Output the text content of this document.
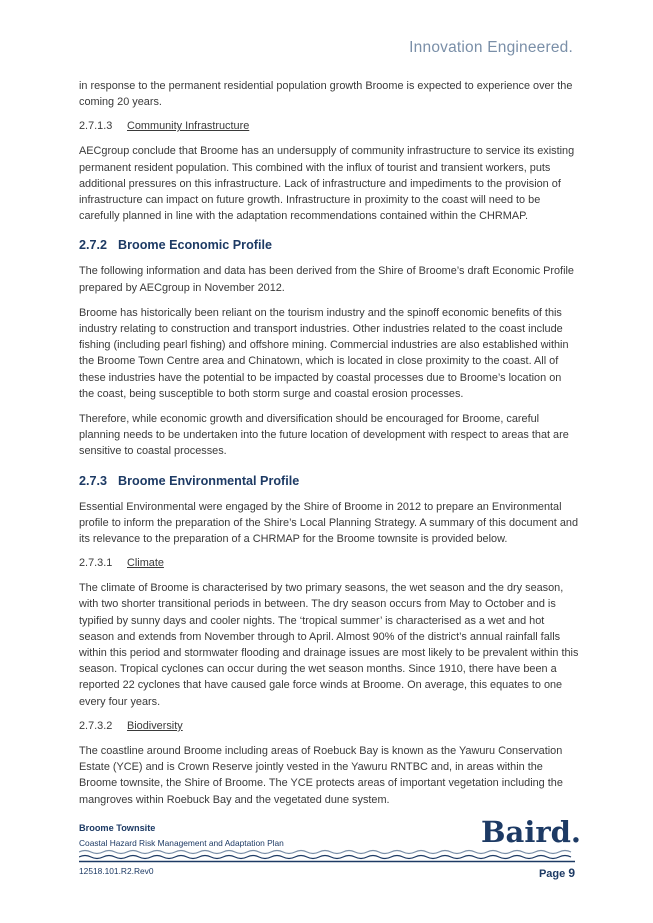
Innovation Engineered.

in response to the permanent residential population growth Broome is expected to experience over the coming 20 years.

2.7.1.3 Community Infrastructure

AECgroup conclude that Broome has an undersupply of community infrastructure to service its existing permanent resident population. This combined with the influx of tourist and transient workers, puts additional pressures on this infrastructure. Lack of infrastructure and impediments to the provision of infrastructure can impact on future growth. Infrastructure in proximity to the coast will need to be carefully planned in line with the adaptation recommendations contained within the CHRMAP.

2.7.2 Broome Economic Profile

The following information and data has been derived from the Shire of Broome’s draft Economic Profile prepared by AECgroup in November 2012.

Broome has historically been reliant on the tourism industry and the spinoff economic benefits of this industry relating to construction and transport industries. Other industries related to the coast include fishing (including pearl fishing) and offshore mining. Commercial industries are also established within the Broome Town Centre area and Chinatown, which is located in close proximity to the coast. All of these industries have the potential to be impacted by coastal processes due to Broome’s location on the coast, being susceptible to both storm surge and coastal erosion processes.

Therefore, while economic growth and diversification should be encouraged for Broome, careful planning needs to be undertaken into the future location of development with respect to areas that are sensitive to coastal processes.

2.7.3 Broome Environmental Profile

Essential Environmental were engaged by the Shire of Broome in 2012 to prepare an Environmental profile to inform the preparation of the Shire’s Local Planning Strategy. A summary of this document and its relevance to the preparation of a CHRMAP for the Broome townsite is provided below.

2.7.3.1 Climate

The climate of Broome is characterised by two primary seasons, the wet season and the dry season, with two shorter transitional periods in between. The dry season occurs from May to October and is typified by sunny days and cooler nights. The ‘tropical summer’ is characterised as a wet and hot season and extends from November through to April. Almost 90% of the district’s annual rainfall falls within this period and stormwater flooding and drainage issues are most likely to be prevalent within this season. Tropical cyclones can occur during the wet season months. Since 1910, there have been a reported 22 cyclones that have caused gale force winds at Broome. On average, this equates to one every four years.

2.7.3.2 Biodiversity

The coastline around Broome including areas of Roebuck Bay is known as the Yawuru Conservation Estate (YCE) and is Crown Reserve jointly vested in the Yawuru RNTBC and, in areas within the Broome townsite, the Shire of Broome. The YCE protects areas of important vegetation including the mangroves within Roebuck Bay and the vegetated dune system.

Broome Townsite
Coastal Hazard Risk Management and Adaptation Plan	Baird.
12518.101.R2.Rev0	Page 9
